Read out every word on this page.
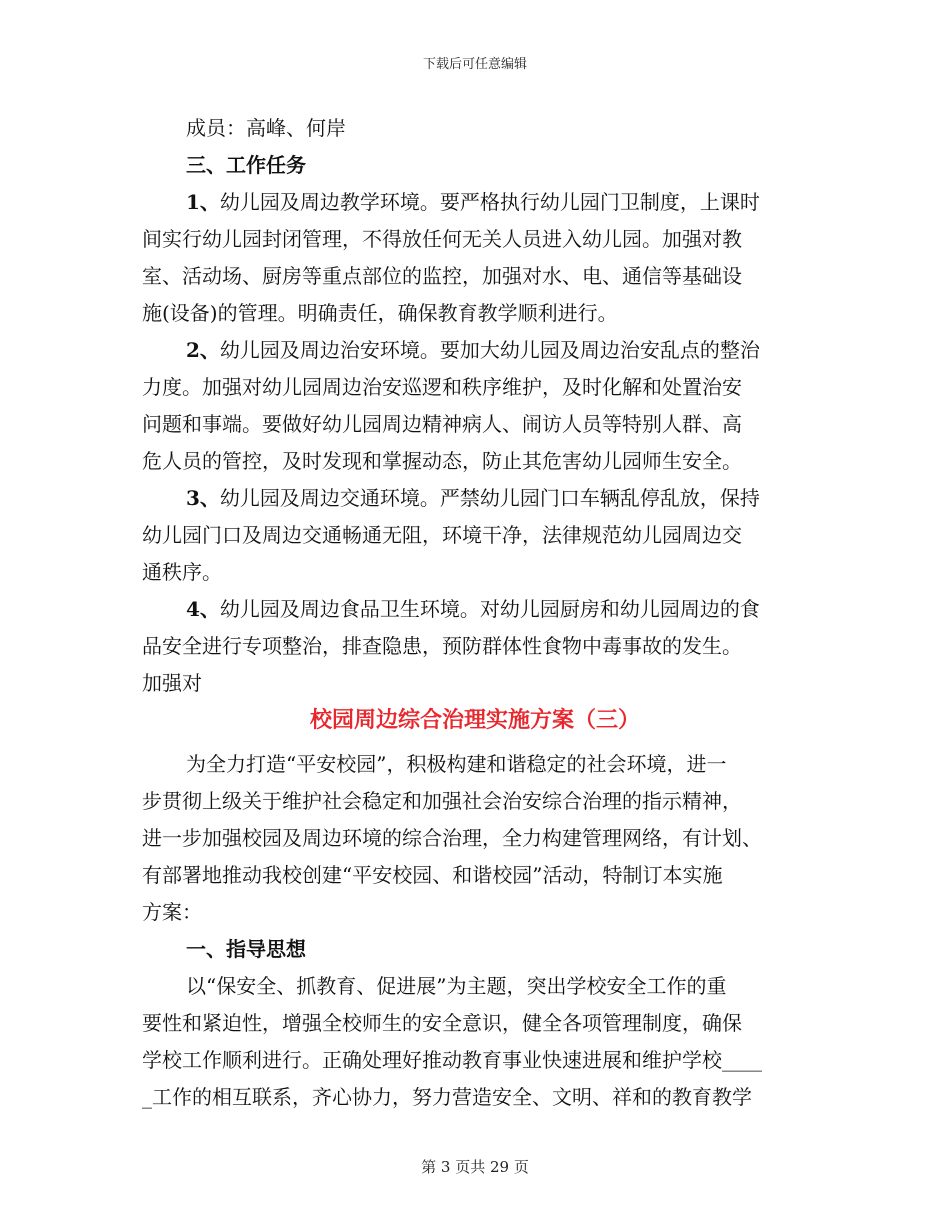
下载后可任意编辑
成员：高峰、何岸
三、工作任务
1、幼儿园及周边教学环境。要严格执行幼儿园门卫制度，上课时
间实行幼儿园封闭管理，不得放任何无关人员进入幼儿园。加强对教
室、活动场、厨房等重点部位的监控，加强对水、电、通信等基础设
施(设备)的管理。明确责任，确保教育教学顺利进行。
2、幼儿园及周边治安环境。要加大幼儿园及周边治安乱点的整治
力度。加强对幼儿园周边治安巡逻和秩序维护，及时化解和处置治安
问题和事端。要做好幼儿园周边精神病人、闹访人员等特别人群、高
危人员的管控，及时发现和掌握动态，防止其危害幼儿园师生安全。
3、幼儿园及周边交通环境。严禁幼儿园门口车辆乱停乱放，保持
幼儿园门口及周边交通畅通无阻，环境干净，法律规范幼儿园周边交
通秩序。
4、幼儿园及周边食品卫生环境。对幼儿园厨房和幼儿园周边的食
品安全进行专项整治，排查隐患，预防群体性食物中毒事故的发生。
加强对
校园周边综合治理实施方案（三）
为全力打造“平安校园”，积极构建和谐稳定的社会环境，进一
步贯彻上级关于维护社会稳定和加强社会治安综合治理的指示精神，
进一步加强校园及周边环境的综合治理，全力构建管理网络，有计划、
有部署地推动我校创建“平安校园、和谐校园”活动，特制订本实施
方案：
一、指导思想
以“保安全、抓教育、促进展”为主题，突出学校安全工作的重
要性和紧迫性，增强全校师生的安全意识，健全各项管理制度，确保
学校工作顺利进行。正确处理好推动教育事业快速进展和维护学校____
_工作的相互联系，齐心协力，努力营造安全、文明、祥和的教育教学
第 3 页共 29 页
